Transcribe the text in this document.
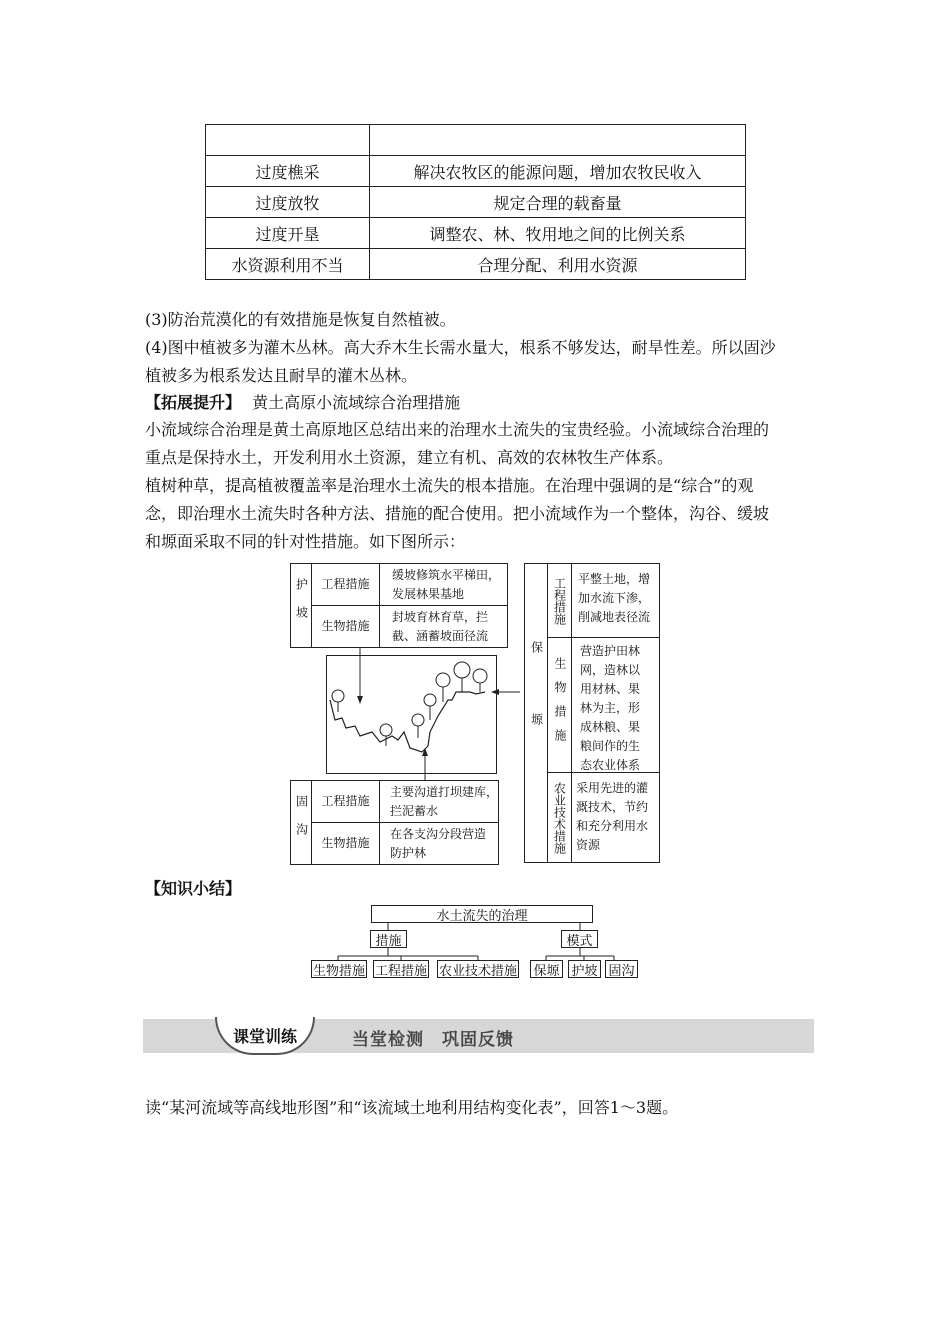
过度樵采	解决农牧区的能源问题，增加农牧民收入
过度放牧	规定合理的载畜量
过度开垦	调整农、林、牧用地之间的比例关系
水资源利用不当	合理分配、利用水资源
(3)防治荒漠化的有效措施是恢复自然植被。
(4)图中植被多为灌木丛林。高大乔木生长需水量大，根系不够发达，耐旱性差。所以固沙
植被多为根系发达且耐旱的灌木丛林。
【拓展提升】 黄土高原小流域综合治理措施
小流域综合治理是黄土高原地区总结出来的治理水土流失的宝贵经验。小流域综合治理的
重点是保持水土，开发利用水土资源，建立有机、高效的农林牧生产体系。
植树种草，提高植被覆盖率是治理水土流失的根本措施。在治理中强调的是“综合”的观
念，即治理水土流失时各种方法、措施的配合使用。把小流域作为一个整体，沟谷、缓坡
和塬面采取不同的针对性措施。如下图所示：
护坡 工程措施
缓坡修筑水平梯田，
发展林果基地
生物措施
封坡育林育草，拦
截、涵蓄坡面径流
固沟 工程措施
主要沟道打坝建库，
拦泥蓄水
生物措施
在各支沟分段营造
防护林
保塬
工程措施 平整土地，增
加水流下渗，
削减地表径流
生物措施
营造护田林
网，造林以
用材林、果
林为主，形
成林粮、果
粮间作的生
态农业体系
农业技术措施 采用先进的灌
溉技术，节约
和充分利用水
资源
【知识小结】
水土流失的治理
措施	模式
生物措施 工程措施 农业技术措施 保塬 护坡 固沟
课堂训练	当堂检测　巩固反馈
读“某河流域等高线地形图”和“该流域土地利用结构变化表”，回答1～3题。
